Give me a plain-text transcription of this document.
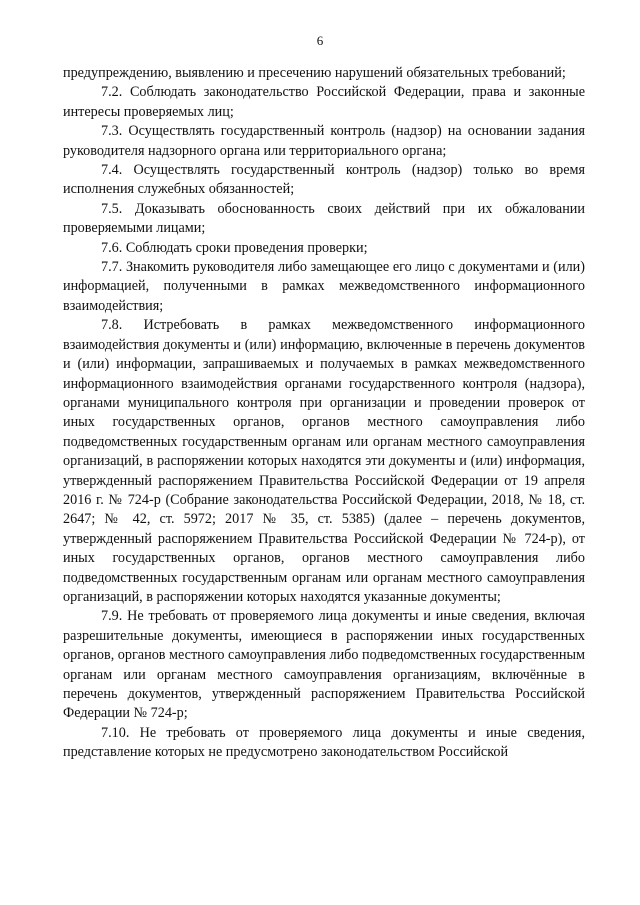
6

предупреждению, выявлению и пресечению нарушений обязательных требований;

7.2. Соблюдать законодательство Российской Федерации, права и законные интересы проверяемых лиц;

7.3. Осуществлять государственный контроль (надзор) на основании задания руководителя надзорного органа или территориального органа;

7.4. Осуществлять государственный контроль (надзор) только во время исполнения служебных обязанностей;

7.5. Доказывать обоснованность своих действий при их обжаловании проверяемыми лицами;

7.6. Соблюдать сроки проведения проверки;

7.7. Знакомить руководителя либо замещающее его лицо с документами и (или) информацией, полученными в рамках межведомственного информационного взаимодействия;

7.8. Истребовать в рамках межведомственного информационного взаимодействия документы и (или) информацию, включенные в перечень документов и (или) информации, запрашиваемых и получаемых в рамках межведомственного информационного взаимодействия органами государственного контроля (надзора), органами муниципального контроля при организации и проведении проверок от иных государственных органов, органов местного самоуправления либо подведомственных государственным органам или органам местного самоуправления организаций, в распоряжении которых находятся эти документы и (или) информация, утвержденный распоряжением Правительства Российской Федерации от 19 апреля 2016 г. № 724-р (Собрание законодательства Российской Федерации, 2018, № 18, ст. 2647; № 42, ст. 5972; 2017 № 35, ст. 5385) (далее – перечень документов, утвержденный распоряжением Правительства Российской Федерации № 724-р), от иных государственных органов, органов местного самоуправления либо подведомственных государственным органам или органам местного самоуправления организаций, в распоряжении которых находятся указанные документы;

7.9. Не требовать от проверяемого лица документы и иные сведения, включая разрешительные документы, имеющиеся в распоряжении иных государственных органов, органов местного самоуправления либо подведомственных государственным органам или органам местного самоуправления организациям, включённые в перечень документов, утвержденный распоряжением Правительства Российской Федерации № 724-р;

7.10. Не требовать от проверяемого лица документы и иные сведения, представление которых не предусмотрено законодательством Российской
